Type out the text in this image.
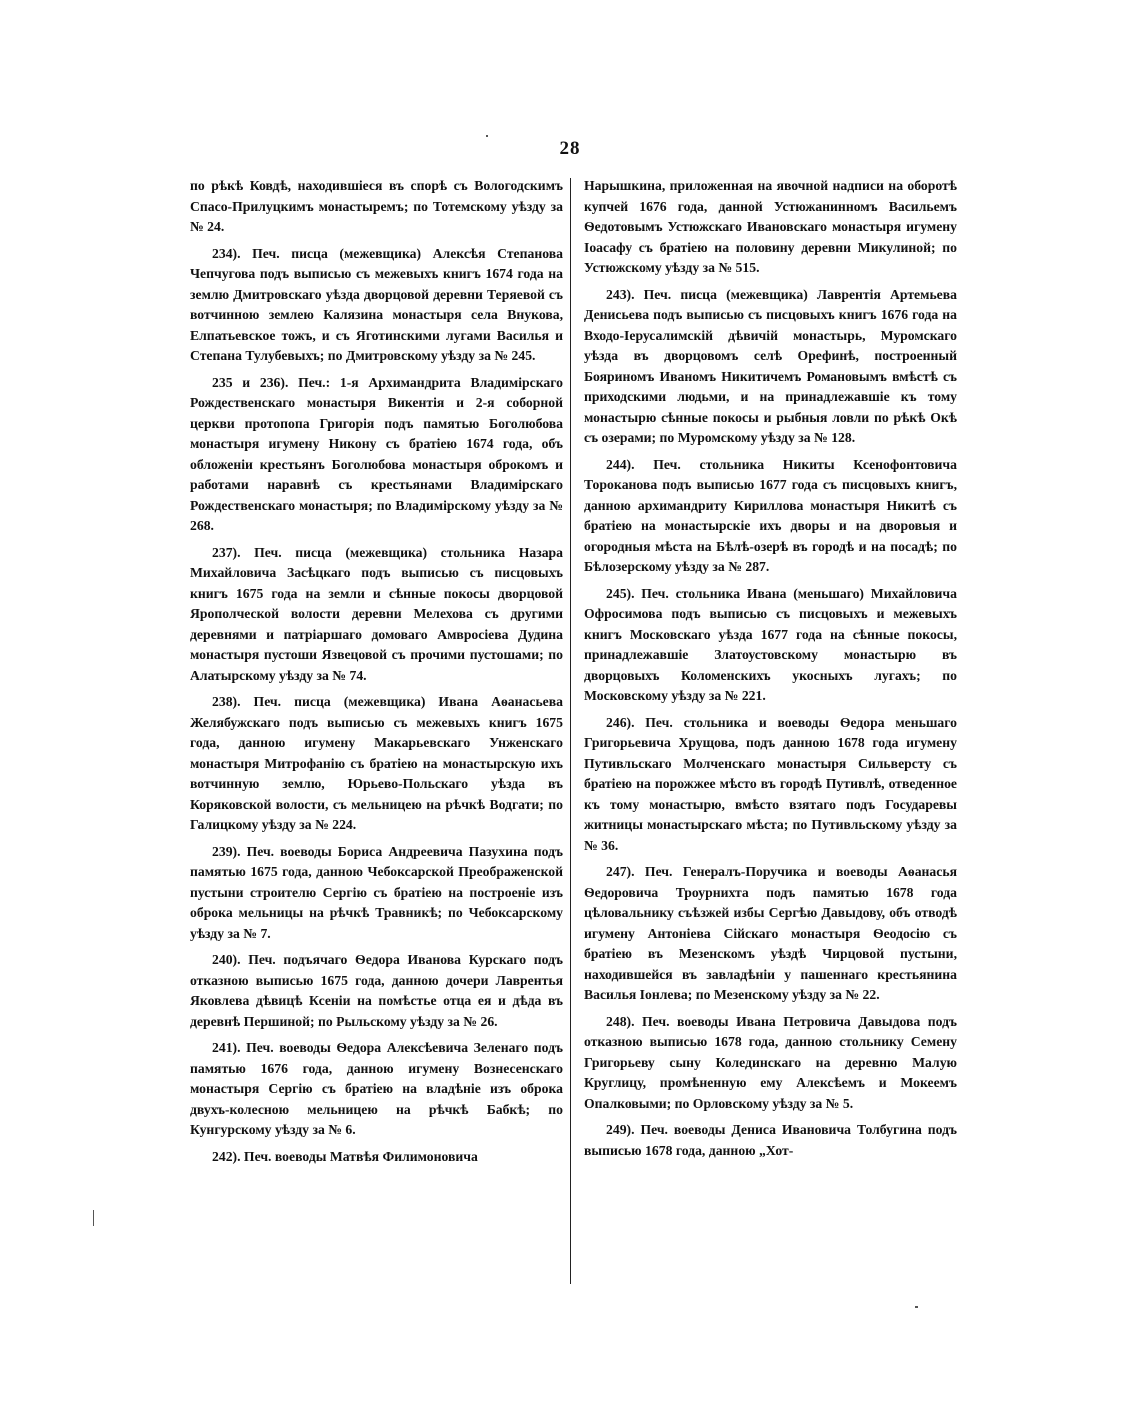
28

по рѣкѣ Ковдѣ, находившіеся въ спорѣ съ Вологодскимъ Спасо-Прилуцкимъ монастыремъ; по Тотемскому уѣзду за № 24.

234). Печ. писца (межевщика) Алексѣя Степанова Чепчугова подъ выписью съ межевыхъ книгъ 1674 года на землю Дмитровскаго уѣзда дворцовой деревни Теряевой съ вотчинною землею Калязина монастыря села Внукова, Елпатьевское тожъ, и съ Яготинскими лугами Василья и Степана Тулубевыхъ; по Дмитровскому уѣзду за № 245.

235 и 236). Печ.: 1-я Архимандрита Владимірскаго Рождественскаго монастыря Викентія и 2-я соборной церкви протопопа Григорія подъ памятью Боголюбова монастыря игумену Никону съ братіею 1674 года, объ обложеніи крестьянъ Боголюбова монастыря оброкомъ и работами наравнѣ съ крестьянами Владимірскаго Рождественскаго монастыря; по Владимірскому уѣзду за № 268.

237). Печ. писца (межевщика) стольника Назара Михайловича Засѣцкаго подъ выписью съ писцовыхъ книгъ 1675 года на земли и сѣнные покосы дворцовой Ярополческой волости деревни Мелехова съ другими деревнями и патріаршаго домоваго Амвросіева Дудина монастыря пустоши Язвецовой съ прочими пустошами; по Алатырскому уѣзду за № 74.

238). Печ. писца (межевщика) Ивана Аѳанасьева Желябужскаго подъ выписью съ межевыхъ книгъ 1675 года, данною игумену Макарьевскаго Унженскаго монастыря Митрофанію съ братіею на монастырскую ихъ вотчинную землю, Юрьево-Польскаго уѣзда въ Коряковской волости, съ мельницею на рѣчкѣ Водгати; по Галицкому уѣзду за № 224.

239). Печ. воеводы Бориса Андреевича Пазухина подъ памятью 1675 года, данною Чебоксарской Преображенской пустыни строителю Сергію съ братіею на построеніе изъ оброка мельницы на рѣчкѣ Травникѣ; по Чебоксарскому уѣзду за № 7.

240). Печ. подъячаго Ѳедора Иванова Курскаго подъ отказною выписью 1675 года, данною дочери Лаврентья Яковлева дѣвицѣ Ксеніи на помѣстье отца ея и дѣда въ деревнѣ Першиной; по Рыльскому уѣзду за № 26.

241). Печ. воеводы Ѳедора Алексѣевича Зеленаго подъ памятью 1676 года, данною игумену Вознесенскаго монастыря Сергію съ братіею на владѣніе изъ оброка двухъ-колесною мельницею на рѣчкѣ Бабкѣ; по Кунгурскому уѣзду за № 6.

242). Печ. воеводы Матвѣя Филимоновича

Нарышкина, приложенная на явочной надписи на оборотѣ купчей 1676 года, данной Устюжанинномъ Васильемъ Ѳедотовымъ Устюжскаго Ивановскаго монастыря игумену Іоасафу съ братіею на половину деревни Микулиной; по Устюжскому уѣзду за № 515.

243). Печ. писца (межевщика) Лаврентія Артемьева Денисьева подъ выписью съ писцовыхъ книгъ 1676 года на Входо-Іерусалимскій дѣвичій монастырь, Муромскаго уѣзда въ дворцовомъ селѣ Орефинѣ, построенный Бояриномъ Иваномъ Никитичемъ Романовымъ вмѣстѣ съ приходскими людьми, и на принадлежавшіе къ тому монастырю сѣнные покосы и рыбныя ловли по рѣкѣ Окѣ съ озерами; по Муромскому уѣзду за № 128.

244). Печ. стольника Никиты Ксенофонтовича Торокaнова подъ выписью 1677 года съ писцовыхъ книгъ, данною архимандриту Кириллова монастыря Никитѣ съ братіею на монастырскіе ихъ дворы и на дворовыя и огородныя мѣста на Бѣлѣ-озерѣ въ городѣ и на посадѣ; по Бѣлозерскому уѣзду за № 287.

245). Печ. стольника Ивана (меньшаго) Михайловича Офросимова подъ выписью съ писцовыхъ и межевыхъ книгъ Московскаго уѣзда 1677 года на сѣнные покосы, принадлежавшіе Златоустовскому монастырю въ дворцовыхъ Коломенскихъ укосныхъ лугахъ; по Московскому уѣзду за № 221.

246). Печ. стольника и воеводы Ѳедора меньшаго Григорьевича Хрущова, подъ данною 1678 года игумену Путивльскаго Молченскаго монастыря Сильверсту съ братіею на порожжее мѣсто въ городѣ Путивлѣ, отведенное къ тому монастырю, вмѣсто взятаго подъ Государевы житницы монастырскаго мѣста; по Путивльскому уѣзду за № 36.

247). Печ. Генералъ-Поручика и воеводы Аѳанасья Ѳедоровича Троурнихта подъ памятью 1678 года цѣловальнику съѣзжей избы Сергѣю Давыдову, объ отводѣ игумену Антоніева Сійскаго монастыря Ѳеодосію съ братіею въ Мезенскомъ уѣздѣ Чирцовой пустыни, находившейся въ завладѣніи у пашеннаго крестьянина Василья Іонлева; по Мезенскому уѣзду за № 22.

248). Печ. воеводы Ивана Петровича Давыдова подъ отказною выписью 1678 года, данною стольнику Семену Григорьеву сыну Колединскаго на деревню Малую Круглицу, промѣненную ему Алексѣемъ и Мокеемъ Опалковыми; по Орловскому уѣзду за № 5.

249). Печ. воеводы Дениса Ивановича Толбугина подъ выписью 1678 года, данною „Хот-
